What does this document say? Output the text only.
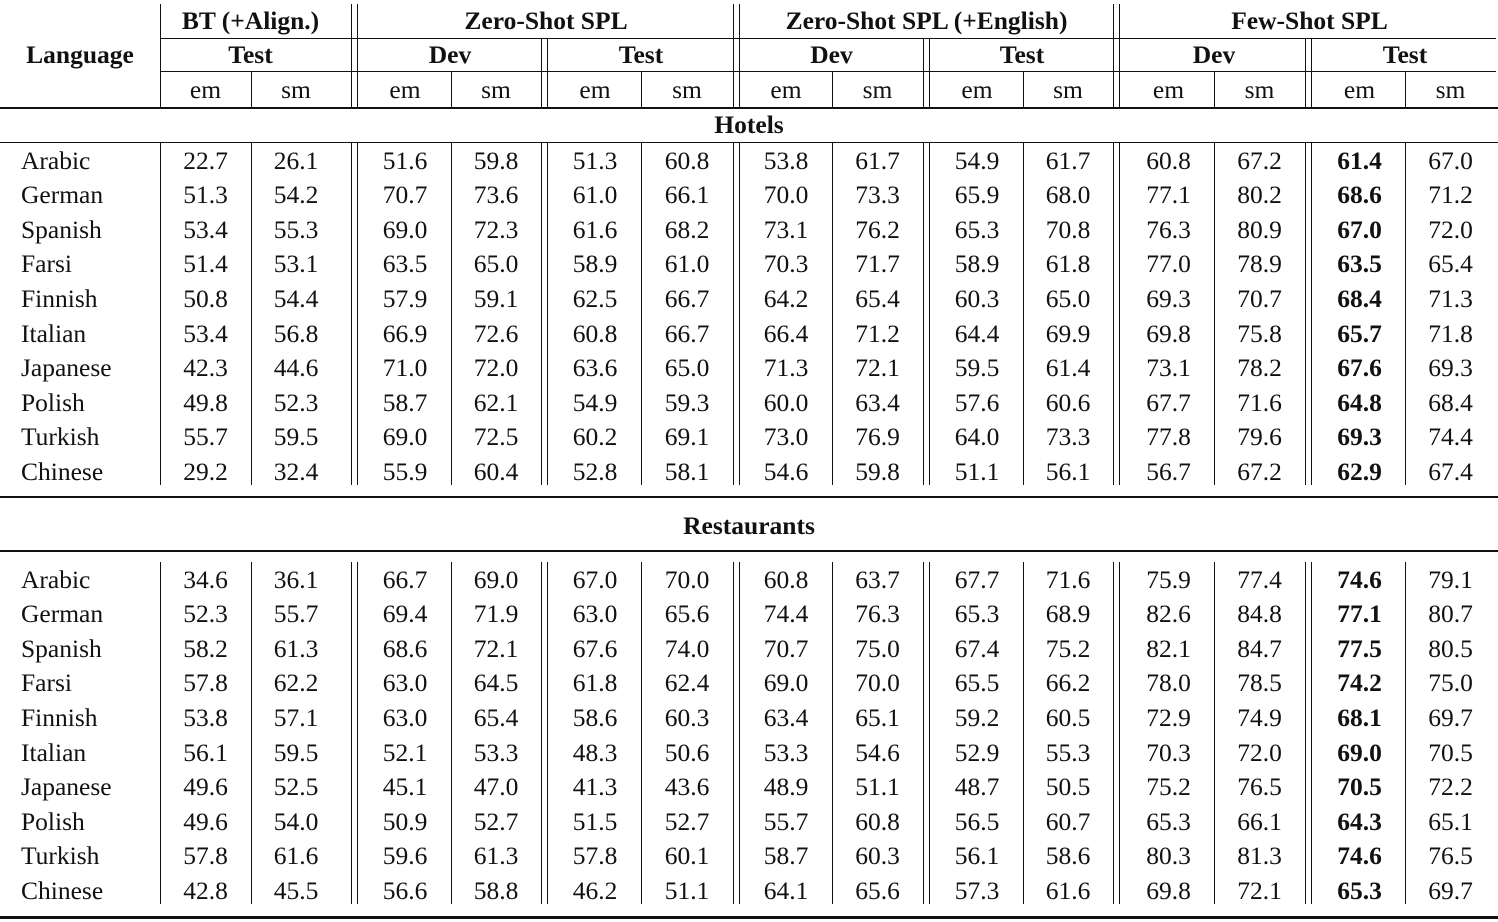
Language
BT (+Align.)
Test
Zero-Shot SPL
Dev	Test
Zero-Shot SPL (+English)
Dev	Test
Few-Shot SPL
Dev	Test
em	sm	em	sm	em	sm	em	sm	em	sm	em	sm	em	sm
Hotels
Arabic	22.7	26.1	51.6	59.8	51.3	60.8	53.8	61.7	54.9	61.7	60.8	67.2	61.4	67.0
German	51.3	54.2	70.7	73.6	61.0	66.1	70.0	73.3	65.9	68.0	77.1	80.2	68.6	71.2
Spanish	53.4	55.3	69.0	72.3	61.6	68.2	73.1	76.2	65.3	70.8	76.3	80.9	67.0	72.0
Farsi	51.4	53.1	63.5	65.0	58.9	61.0	70.3	71.7	58.9	61.8	77.0	78.9	63.5	65.4
Finnish	50.8	54.4	57.9	59.1	62.5	66.7	64.2	65.4	60.3	65.0	69.3	70.7	68.4	71.3
Italian	53.4	56.8	66.9	72.6	60.8	66.7	66.4	71.2	64.4	69.9	69.8	75.8	65.7	71.8
Japanese	42.3	44.6	71.0	72.0	63.6	65.0	71.3	72.1	59.5	61.4	73.1	78.2	67.6	69.3
Polish	49.8	52.3	58.7	62.1	54.9	59.3	60.0	63.4	57.6	60.6	67.7	71.6	64.8	68.4
Turkish	55.7	59.5	69.0	72.5	60.2	69.1	73.0	76.9	64.0	73.3	77.8	79.6	69.3	74.4
Chinese	29.2	32.4	55.9	60.4	52.8	58.1	54.6	59.8	51.1	56.1	56.7	67.2	62.9	67.4
Restaurants
Arabic	34.6	36.1	66.7	69.0	67.0	70.0	60.8	63.7	67.7	71.6	75.9	77.4	74.6	79.1
German	52.3	55.7	69.4	71.9	63.0	65.6	74.4	76.3	65.3	68.9	82.6	84.8	77.1	80.7
Spanish	58.2	61.3	68.6	72.1	67.6	74.0	70.7	75.0	67.4	75.2	82.1	84.7	77.5	80.5
Farsi	57.8	62.2	63.0	64.5	61.8	62.4	69.0	70.0	65.5	66.2	78.0	78.5	74.2	75.0
Finnish	53.8	57.1	63.0	65.4	58.6	60.3	63.4	65.1	59.2	60.5	72.9	74.9	68.1	69.7
Italian	56.1	59.5	52.1	53.3	48.3	50.6	53.3	54.6	52.9	55.3	70.3	72.0	69.0	70.5
Japanese	49.6	52.5	45.1	47.0	41.3	43.6	48.9	51.1	48.7	50.5	75.2	76.5	70.5	72.2
Polish	49.6	54.0	50.9	52.7	51.5	52.7	55.7	60.8	56.5	60.7	65.3	66.1	64.3	65.1
Turkish	57.8	61.6	59.6	61.3	57.8	60.1	58.7	60.3	56.1	58.6	80.3	81.3	74.6	76.5
Chinese	42.8	45.5	56.6	58.8	46.2	51.1	64.1	65.6	57.3	61.6	69.8	72.1	65.3	69.7
